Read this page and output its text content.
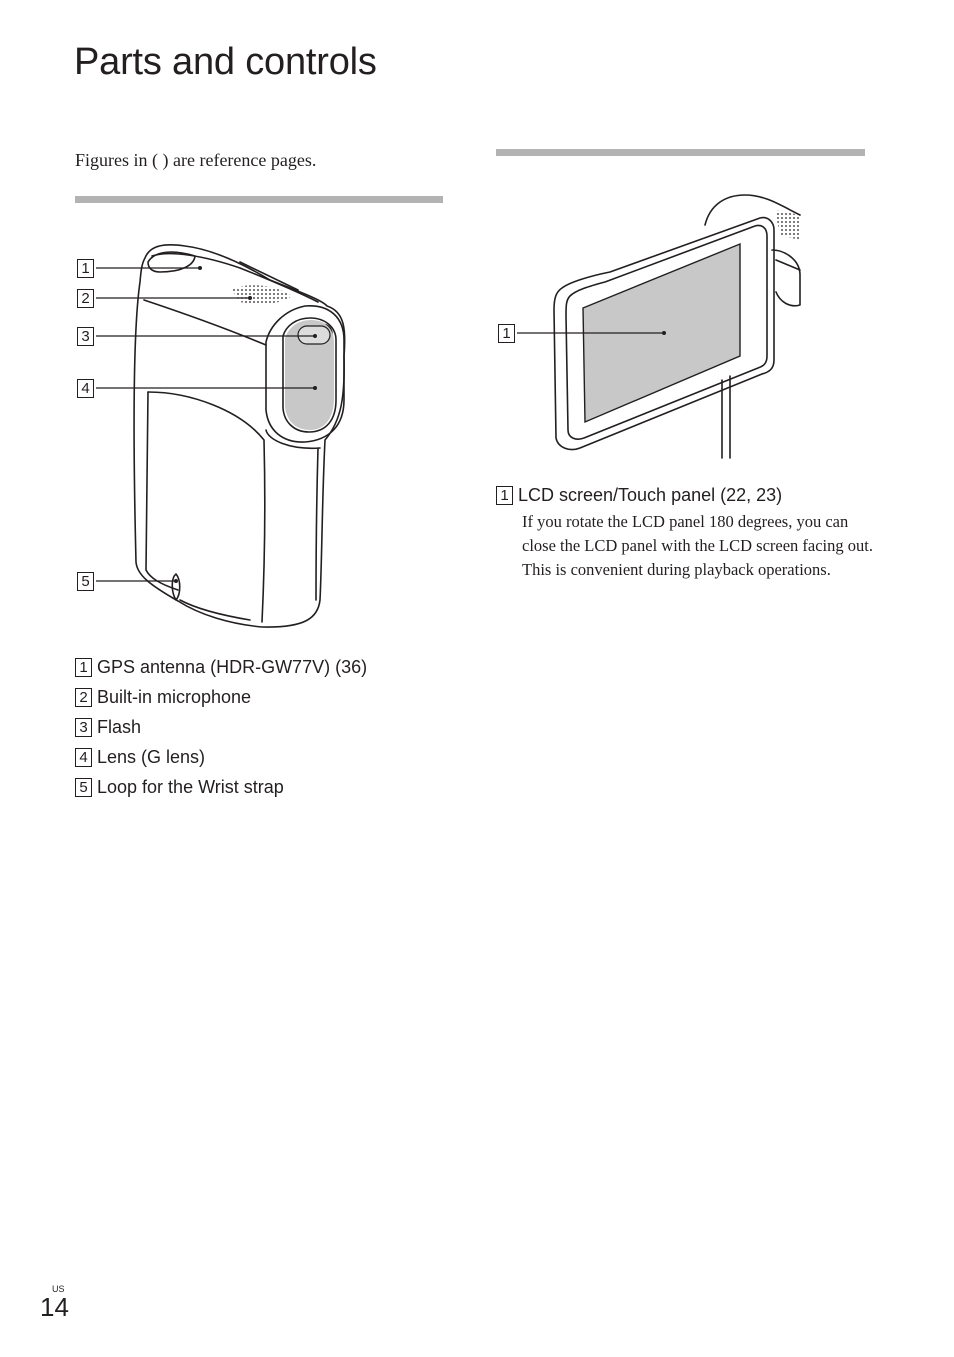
Parts and controls
Figures in ( ) are reference pages.
1
2
3
4
5
1
1 GPS antenna (HDR-GW77V) (36)
2 Built-in microphone
3 Flash
4 Lens (G lens)
5 Loop for the Wrist strap
1 LCD screen/Touch panel (22, 23)

If you rotate the LCD panel 180 degrees, you can close the LCD panel with the LCD screen facing out. This is convenient during playback operations.

US
14
